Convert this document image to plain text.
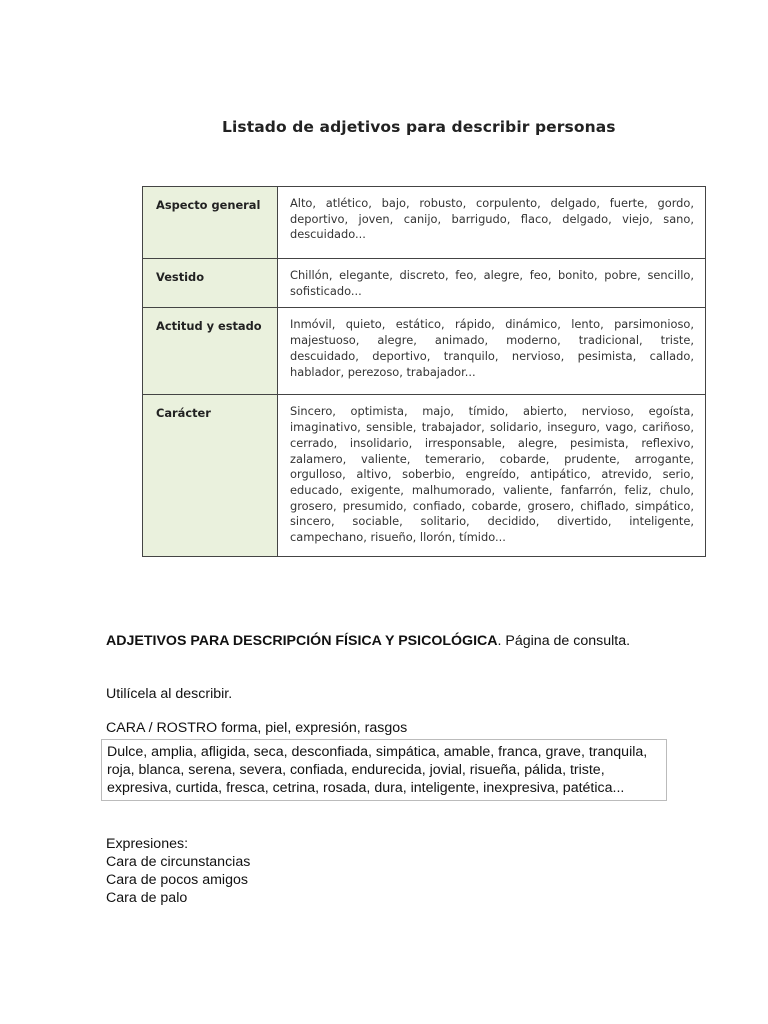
Listado de adjetivos para describir personas
Aspecto general	Alto, atlético, bajo, robusto, corpulento, delgado, fuerte, gordo, deportivo, joven, canijo, barrigudo, flaco, delgado, viejo, sano, descuidado...
Vestido	Chillón, elegante, discreto, feo, alegre, feo, bonito, pobre, sencillo, sofisticado...
Actitud y estado	Inmóvil, quieto, estático, rápido, dinámico, lento, parsimonioso, majestuoso, alegre, animado, moderno, tradicional, triste, descuidado, deportivo, tranquilo, nervioso, pesimista, callado, hablador, perezoso, trabajador...
Carácter	Sincero, optimista, majo, tímido, abierto, nervioso, egoísta, imaginativo, sensible, trabajador, solidario, inseguro, vago, cariñoso, cerrado, insolidario, irresponsable, alegre, pesimista, reflexivo, zalamero, valiente, temerario, cobarde, prudente, arrogante, orgulloso, altivo, soberbio, engreído, antipático, atrevido, serio, educado, exigente, malhumorado, valiente, fanfarrón, feliz, chulo, grosero, presumido, confiado, cobarde, grosero, chiflado, simpático, sincero, sociable, solitario, decidido, divertido, inteligente, campechano, risueño, llorón, tímido...
ADJETIVOS PARA DESCRIPCIÓN FÍSICA Y PSICOLÓGICA. Página de consulta.
Utilícela al describir.
CARA / ROSTRO forma, piel, expresión, rasgos
Dulce, amplia, afligida, seca, desconfiada, simpática, amable, franca, grave, tranquila, roja, blanca, serena, severa, confiada, endurecida, jovial, risueña, pálida, triste, expresiva, curtida, fresca, cetrina, rosada, dura, inteligente, inexpresiva, patética...
Expresiones:
Cara de circunstancias
Cara de pocos amigos
Cara de palo
